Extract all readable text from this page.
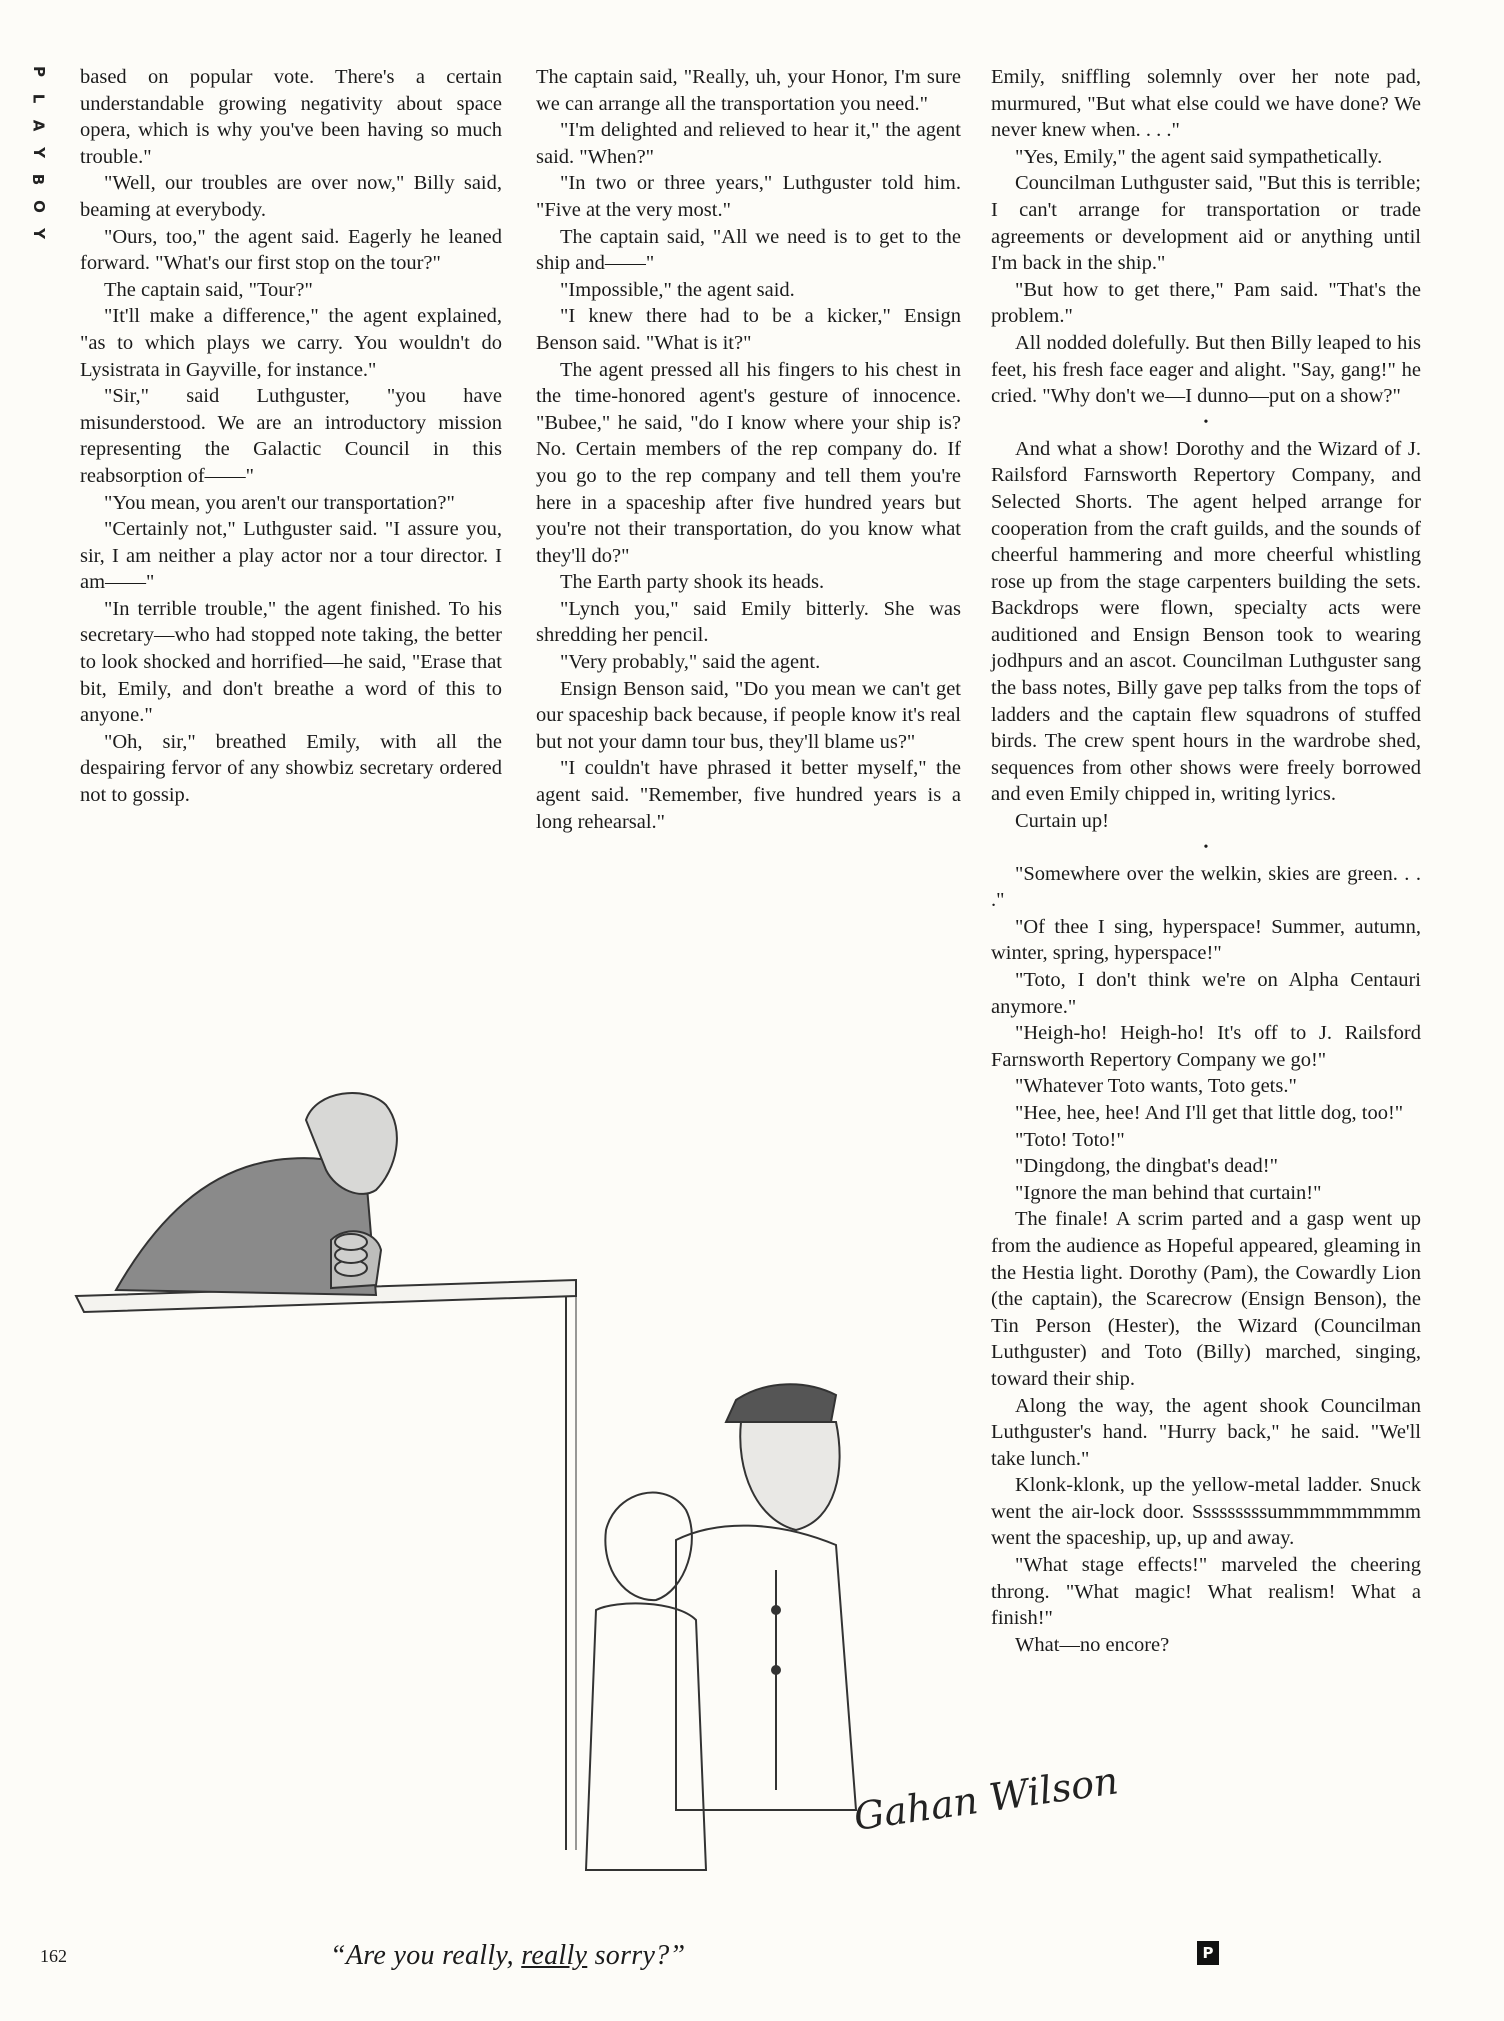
P
L
A
Y
B
O
Y

based on popular vote. There's a certain understandable growing negativity about space opera, which is why you've been having so much trouble."

"Well, our troubles are over now," Billy said, beaming at everybody.

"Ours, too," the agent said. Eagerly he leaned forward. "What's our first stop on the tour?"

The captain said, "Tour?"

"It'll make a difference," the agent explained, "as to which plays we carry. You wouldn't do Lysistrata in Gayville, for instance."

"Sir," said Luthguster, "you have misunderstood. We are an introductory mission representing the Galactic Council in this reabsorption of——"

"You mean, you aren't our transportation?"

"Certainly not," Luthguster said. "I assure you, sir, I am neither a play actor nor a tour director. I am——"

"In terrible trouble," the agent finished. To his secretary—who had stopped note taking, the better to look shocked and horrified—he said, "Erase that bit, Emily, and don't breathe a word of this to anyone."

"Oh, sir," breathed Emily, with all the despairing fervor of any showbiz secretary ordered not to gossip.

The captain said, "Really, uh, your Honor, I'm sure we can arrange all the transportation you need."

"I'm delighted and relieved to hear it," the agent said. "When?"

"In two or three years," Luthguster told him. "Five at the very most."

The captain said, "All we need is to get to the ship and——"

"Impossible," the agent said.

"I knew there had to be a kicker," Ensign Benson said. "What is it?"

The agent pressed all his fingers to his chest in the time-honored agent's gesture of innocence. "Bubee," he said, "do I know where your ship is? No. Certain members of the rep company do. If you go to the rep company and tell them you're here in a spaceship after five hundred years but you're not their transportation, do you know what they'll do?"

The Earth party shook its heads.

"Lynch you," said Emily bitterly. She was shredding her pencil.

"Very probably," said the agent.

Ensign Benson said, "Do you mean we can't get our spaceship back because, if people know it's real but not your damn tour bus, they'll blame us?"

"I couldn't have phrased it better myself," the agent said. "Remember, five hundred years is a long rehearsal."

Emily, sniffling solemnly over her note pad, murmured, "But what else could we have done? We never knew when. . . ."

"Yes, Emily," the agent said sympathetically.

Councilman Luthguster said, "But this is terrible; I can't arrange for transportation or trade agreements or development aid or anything until I'm back in the ship."

"But how to get there," Pam said. "That's the problem."

All nodded dolefully. But then Billy leaped to his feet, his fresh face eager and alight. "Say, gang!" he cried. "Why don't we—I dunno—put on a show?"

•

And what a show! Dorothy and the Wizard of J. Railsford Farnsworth Repertory Company, and Selected Shorts. The agent helped arrange for cooperation from the craft guilds, and the sounds of cheerful hammering and more cheerful whistling rose up from the stage carpenters building the sets. Backdrops were flown, specialty acts were auditioned and Ensign Benson took to wearing jodhpurs and an ascot. Councilman Luthguster sang the bass notes, Billy gave pep talks from the tops of ladders and the captain flew squadrons of stuffed birds. The crew spent hours in the wardrobe shed, sequences from other shows were freely borrowed and even Emily chipped in, writing lyrics.

Curtain up!

•

"Somewhere over the welkin, skies are green. . . ."

"Of thee I sing, hyperspace! Summer, autumn, winter, spring, hyperspace!"

"Toto, I don't think we're on Alpha Centauri anymore."

"Heigh-ho! Heigh-ho! It's off to J. Railsford Farnsworth Repertory Company we go!"

"Whatever Toto wants, Toto gets."

"Hee, hee, hee! And I'll get that little dog, too!"

"Toto! Toto!"

"Dingdong, the dingbat's dead!"

"Ignore the man behind that curtain!"

The finale! A scrim parted and a gasp went up from the audience as Hopeful appeared, gleaming in the Hestia light. Dorothy (Pam), the Cowardly Lion (the captain), the Scarecrow (Ensign Benson), the Tin Person (Hester), the Wizard (Councilman Luthguster) and Toto (Billy) marched, singing, toward their ship.

Along the way, the agent shook Councilman Luthguster's hand. "Hurry back," he said. "We'll take lunch."

Klonk-klonk, up the yellow-metal ladder. Snuck went the air-lock door. Sssssssssummmmmmmmm went the spaceship, up, up and away.

"What stage effects!" marveled the cheering throng. "What magic! What realism! What a finish!"

What—no encore?

Gahan Wilson
162	“Are you really, really sorry?”	P
